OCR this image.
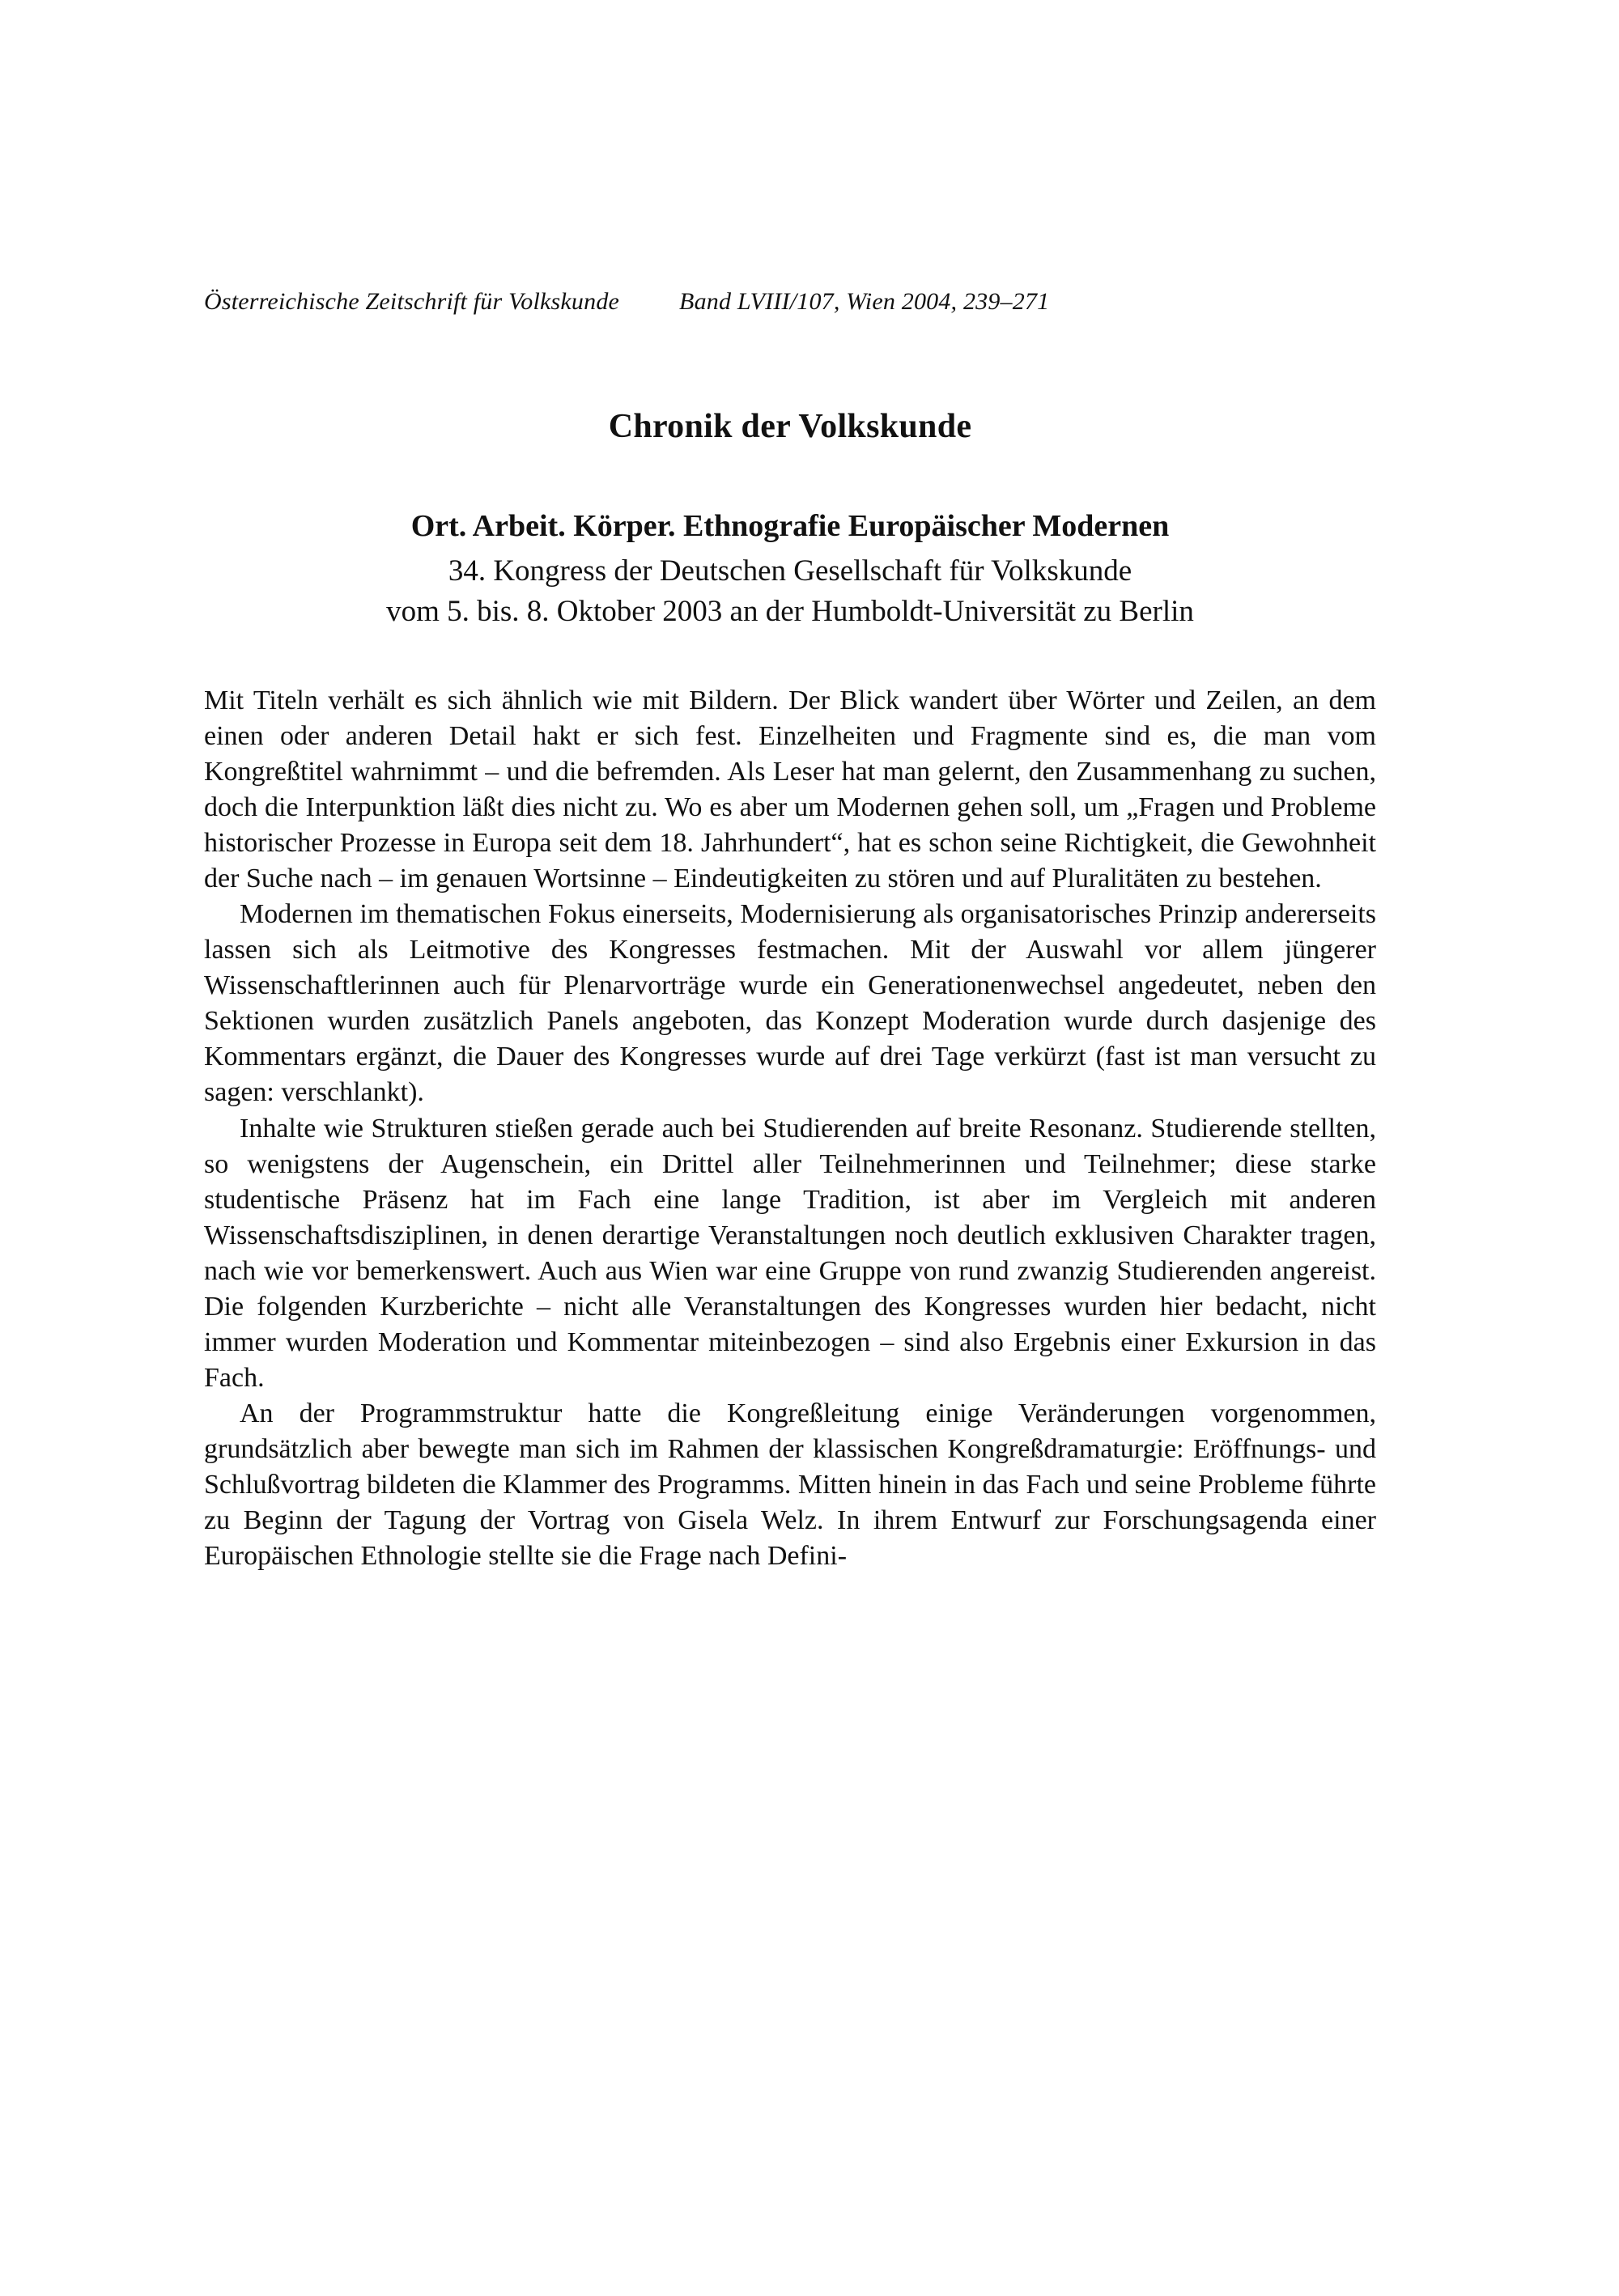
Österreichische Zeitschrift für Volkskunde Band LVIII/107, Wien 2004, 239–271
Chronik der Volkskunde
Ort. Arbeit. Körper. Ethnografie Europäischer Modernen
34. Kongress der Deutschen Gesellschaft für Volkskunde
vom 5. bis. 8. Oktober 2003 an der Humboldt-Universität zu Berlin

Mit Titeln verhält es sich ähnlich wie mit Bildern. Der Blick wandert über Wörter und Zeilen, an dem einen oder anderen Detail hakt er sich fest. Einzelheiten und Fragmente sind es, die man vom Kongreßtitel wahrnimmt – und die befremden. Als Leser hat man gelernt, den Zusammenhang zu suchen, doch die Interpunktion läßt dies nicht zu. Wo es aber um Modernen gehen soll, um „Fragen und Probleme historischer Prozesse in Europa seit dem 18. Jahrhundert“, hat es schon seine Richtigkeit, die Gewohnheit der Suche nach – im genauen Wortsinne – Eindeutigkeiten zu stören und auf Pluralitäten zu bestehen.

Modernen im thematischen Fokus einerseits, Modernisierung als organisatorisches Prinzip andererseits lassen sich als Leitmotive des Kongresses festmachen. Mit der Auswahl vor allem jüngerer Wissenschaftlerinnen auch für Plenarvorträge wurde ein Generationenwechsel angedeutet, neben den Sektionen wurden zusätzlich Panels angeboten, das Konzept Moderation wurde durch dasjenige des Kommentars ergänzt, die Dauer des Kongresses wurde auf drei Tage verkürzt (fast ist man versucht zu sagen: verschlankt).

Inhalte wie Strukturen stießen gerade auch bei Studierenden auf breite Resonanz. Studierende stellten, so wenigstens der Augenschein, ein Drittel aller Teilnehmerinnen und Teilnehmer; diese starke studentische Präsenz hat im Fach eine lange Tradition, ist aber im Vergleich mit anderen Wissenschaftsdisziplinen, in denen derartige Veranstaltungen noch deutlich exklusiven Charakter tragen, nach wie vor bemerkenswert. Auch aus Wien war eine Gruppe von rund zwanzig Studierenden angereist. Die folgenden Kurzberichte – nicht alle Veranstaltungen des Kongresses wurden hier bedacht, nicht immer wurden Moderation und Kommentar miteinbezogen – sind also Ergebnis einer Exkursion in das Fach.

An der Programmstruktur hatte die Kongreßleitung einige Veränderungen vorgenommen, grundsätzlich aber bewegte man sich im Rahmen der klassischen Kongreßdramaturgie: Eröffnungs- und Schlußvortrag bildeten die Klammer des Programms. Mitten hinein in das Fach und seine Probleme führte zu Beginn der Tagung der Vortrag von Gisela Welz. In ihrem Entwurf zur Forschungsagenda einer Europäischen Ethnologie stellte sie die Frage nach Defini-
